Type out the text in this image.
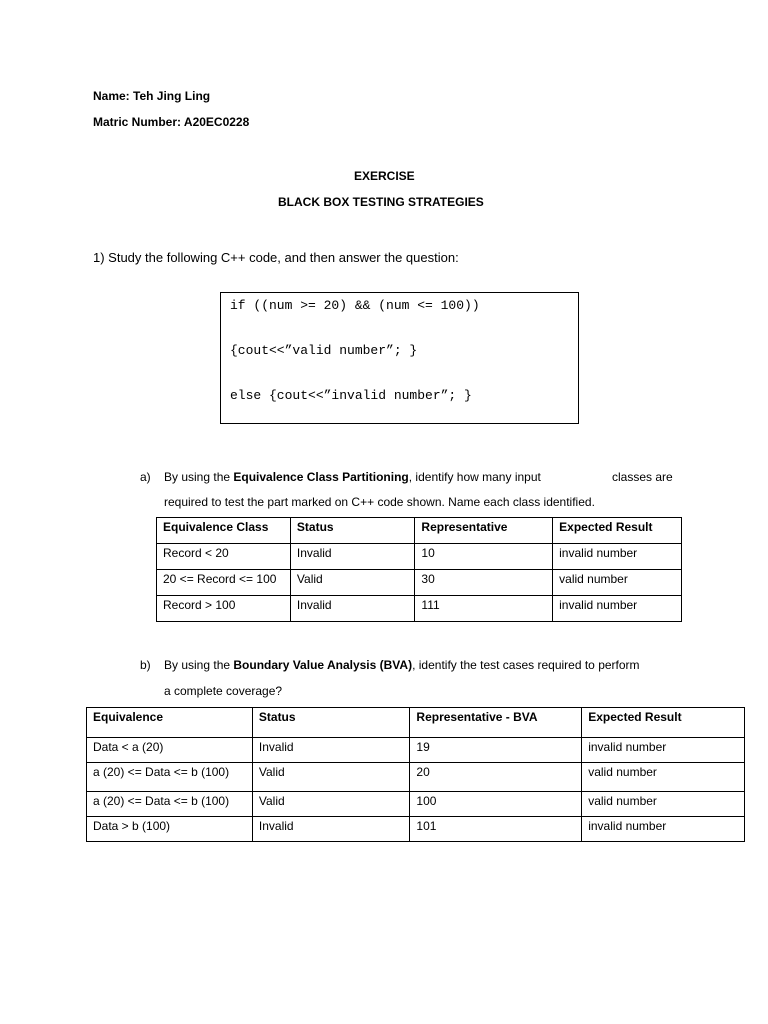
Name: Teh Jing Ling
Matric Number: A20EC0228
EXERCISE
BLACK BOX TESTING STRATEGIES
1) Study the following C++ code, and then answer the question:
if ((num >= 20) && (num <= 100))
{cout<<”valid number”; }
else {cout<<”invalid number”; }
a) By using the Equivalence Class Partitioning, identify how many input	classes are
required to test the part marked on C++ code shown. Name each class identified.
Equivalence Class	Status	Representative	Expected Result
Record < 20	Invalid	10	invalid number
20 <= Record <= 100	Valid	30	valid number
Record > 100	Invalid	111	invalid number
b) By using the Boundary Value Analysis (BVA), identify the test cases required to perform
a complete coverage?
Equivalence	Status	Representative - BVA	Expected Result
Data < a (20)	Invalid	19	invalid number
a (20) <= Data <= b (100)	Valid	20	valid number
a (20) <= Data <= b (100)	Valid	100	valid number
Data > b (100)	Invalid	101	invalid number
